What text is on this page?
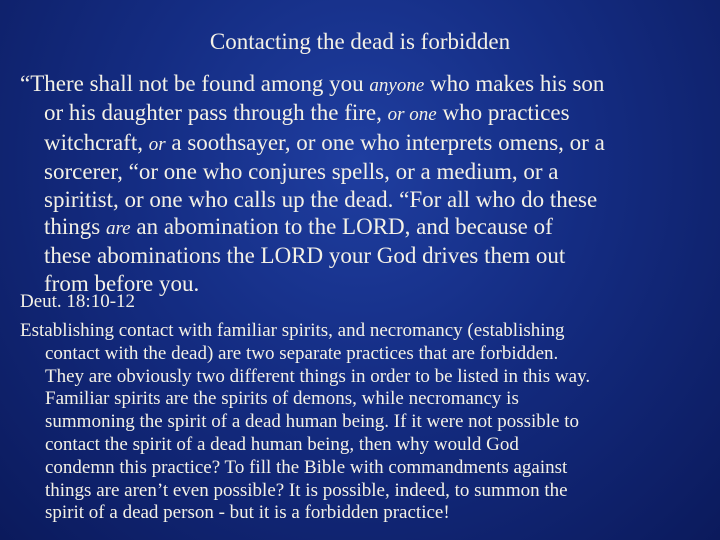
Contacting the dead is forbidden
“There shall not be found among you anyone who makes his son
or his daughter pass through the fire, or one who practices
witchcraft, or a soothsayer, or one who interprets omens, or a
sorcerer, “or one who conjures spells, or a medium, or a
spiritist, or one who calls up the dead. “For all who do these
things are an abomination to the LORD, and because of
these abominations the LORD your God drives them out
from before you.
Deut. 18:10-12
Establishing contact with familiar spirits, and necromancy (establishing
contact with the dead) are two separate practices that are forbidden.
They are obviously two different things in order to be listed in this way.
Familiar spirits are the spirits of demons, while necromancy is
summoning the spirit of a dead human being. If it were not possible to
contact the spirit of a dead human being, then why would God
condemn this practice? To fill the Bible with commandments against
things are aren’t even possible? It is possible, indeed, to summon the
spirit of a dead person - but it is a forbidden practice!
